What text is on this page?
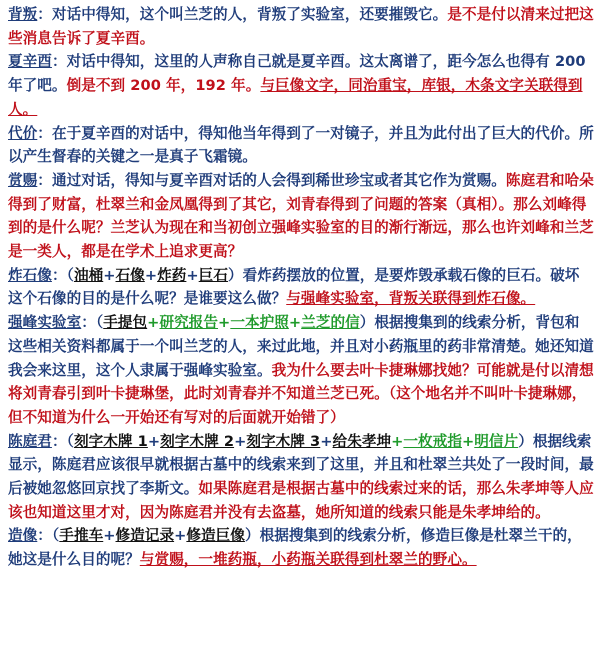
背叛：对话中得知，这个叫兰芝的人，背叛了实验室，还要摧毁它。是不是付以清来过把这些消息告诉了夏辛酉。

夏辛酉：对话中得知，这里的人声称自己就是夏辛酉。这太离谱了，距今怎么也得有 200 年了吧。倒是不到 200 年，192 年。与巨像文字，同治重宝，库银，木条文字关联得到人。

代价：在于夏辛酉的对话中，得知他当年得到了一对镜子，并且为此付出了巨大的代价。所以产生督春的关键之一是真子飞霜镜。

赏赐：通过对话，得知与夏辛酉对话的人会得到稀世珍宝或者其它作为赏赐。陈庭君和哈朵得到了财富，杜翠兰和金凤凰得到了其它，刘青春得到了问题的答案（真相）。那么刘峰得到的是什么呢？兰芝认为现在和当初创立强峰实验室的目的渐行渐远，那么也许刘峰和兰芝是一类人，都是在学术上追求更高？

炸石像：（油桶+石像+炸药+巨石）看炸药摆放的位置，是要炸毁承载石像的巨石。破坏这个石像的目的是什么呢？是谁要这么做？与强峰实验室，背叛关联得到炸石像。

强峰实验室：（手提包+研究报告+一本护照+兰芝的信）根据搜集到的线索分析，背包和这些相关资料都属于一个叫兰芝的人，来过此地，并且对小药瓶里的药非常清楚。她还知道我会来这里，这个人隶属于强峰实验室。我为什么要去叶卡捷琳娜找她？可能就是付以清想将刘青春引到叶卡捷琳堡，此时刘青春并不知道兰芝已死。（这个地名并不叫叶卡捷琳娜，但不知道为什么一开始还有写对的后面就开始错了）

陈庭君：（刻字木牌 1+刻字木牌 2+刻字木牌 3+给朱孝坤+一枚戒指+明信片）根据线索显示，陈庭君应该很早就根据古墓中的线索来到了这里，并且和杜翠兰共处了一段时间，最后被她忽悠回京找了李斯文。如果陈庭君是根据古墓中的线索过来的话，那么朱孝坤等人应该也知道这里才对，因为陈庭君并没有去盗墓，她所知道的线索只能是朱孝坤给的。

造像：（手推车+修造记录+修造巨像）根据搜集到的线索分析，修造巨像是杜翠兰干的，她这是什么目的呢？与赏赐，一堆药瓶，小药瓶关联得到杜翠兰的野心。
